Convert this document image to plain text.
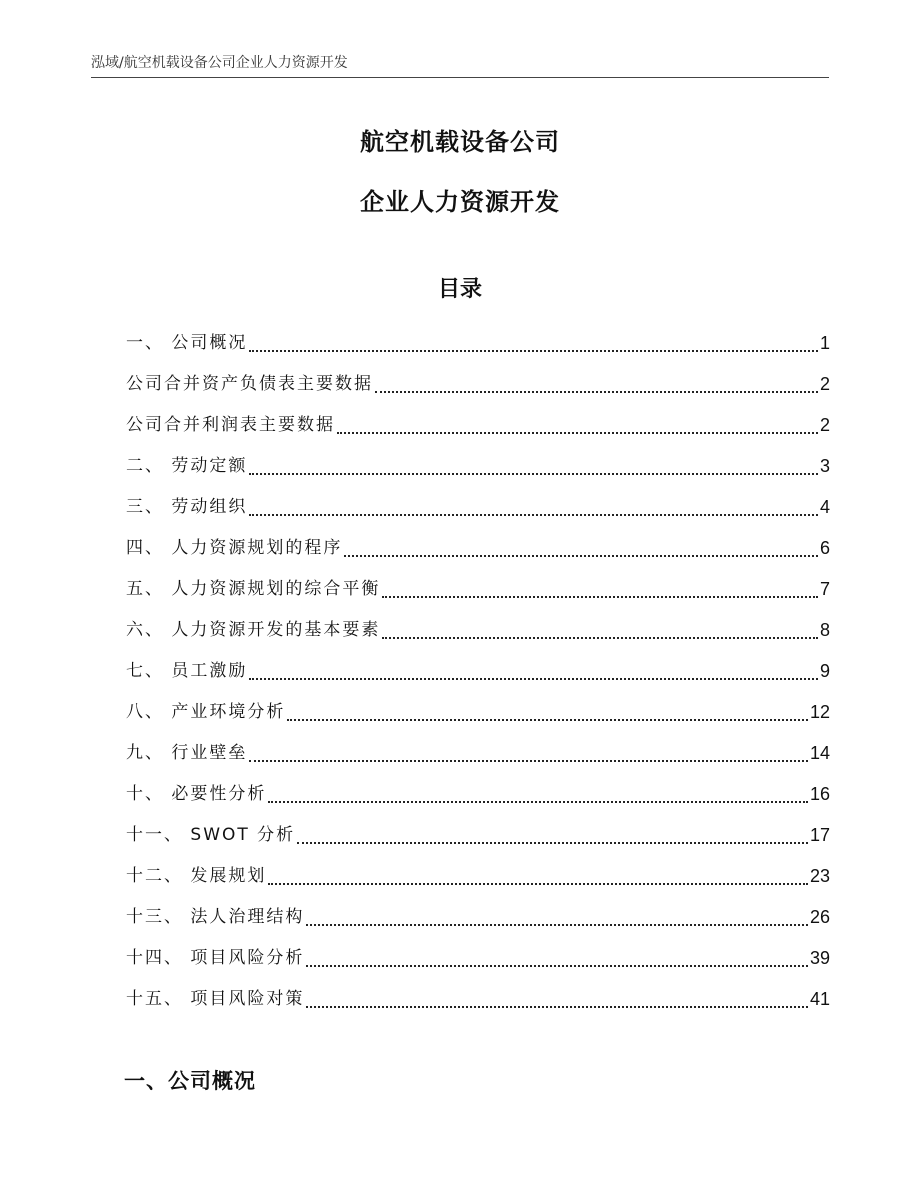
泓域/航空机载设备公司企业人力资源开发
航空机载设备公司
企业人力资源开发
目录
一、 公司概况	1
公司合并资产负债表主要数据	2
公司合并利润表主要数据	2
二、 劳动定额	3
三、 劳动组织	4
四、 人力资源规划的程序	6
五、 人力资源规划的综合平衡	7
六、 人力资源开发的基本要素	8
七、 员工激励	9
八、 产业环境分析	12
九、 行业壁垒	14
十、 必要性分析	16
十一、 SWOT 分析	17
十二、 发展规划	23
十三、 法人治理结构	26
十四、 项目风险分析	39
十五、 项目风险对策	41
一、公司概况
